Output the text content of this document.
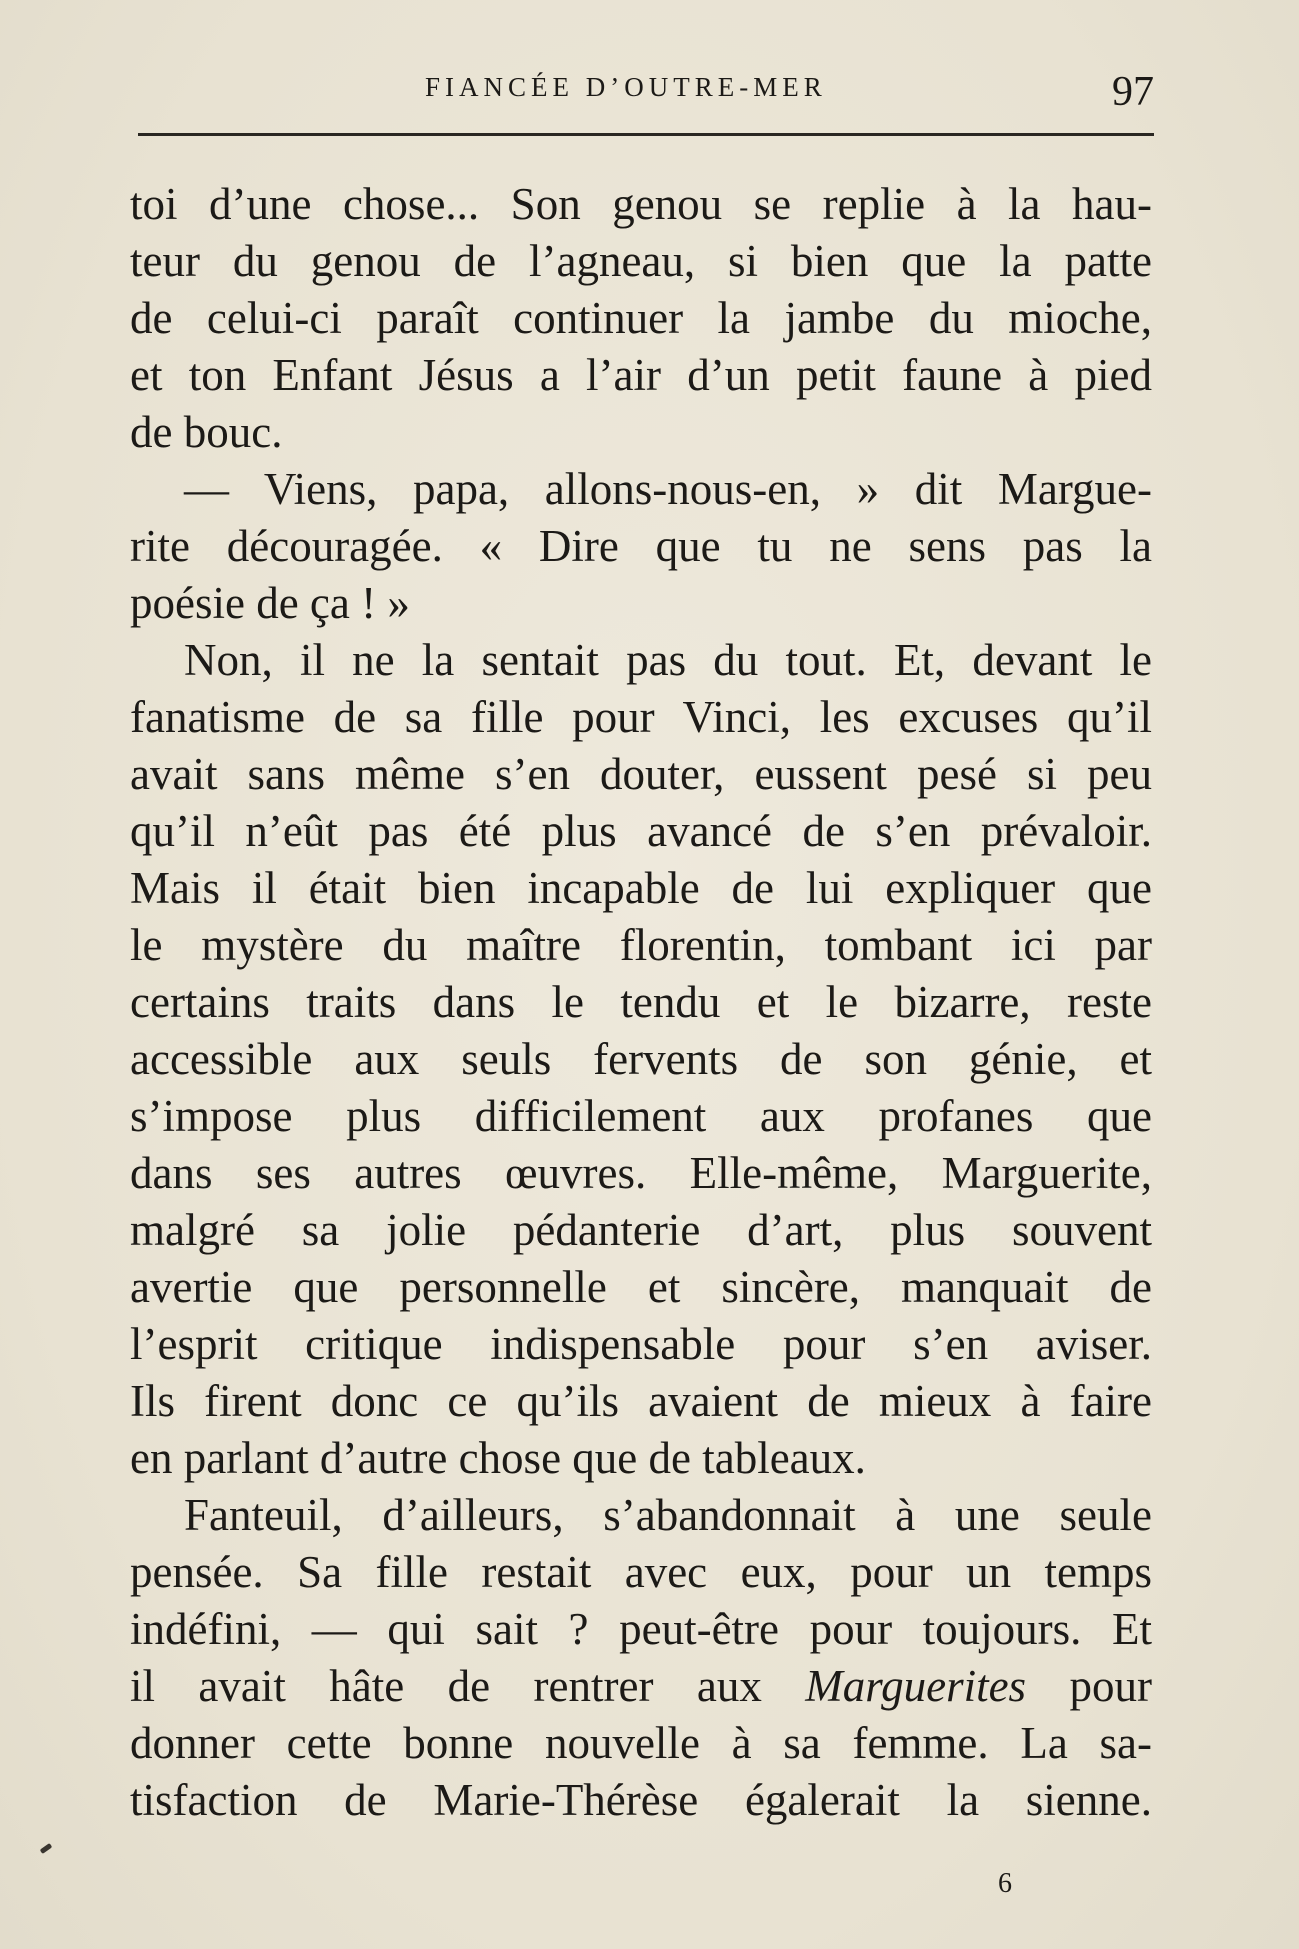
FIANCÉE D’OUTRE-MER	97
toi d’une chose... Son genou se replie à la hau-
teur du genou de l’agneau, si bien que la patte
de celui-ci paraît continuer la jambe du mioche,
et ton Enfant Jésus a l’air d’un petit faune à pied
de bouc.
— Viens, papa, allons-nous-en, » dit Margue-
rite découragée. « Dire que tu ne sens pas la
poésie de ça ! »
Non, il ne la sentait pas du tout. Et, devant le
fanatisme de sa fille pour Vinci, les excuses qu’il
avait sans même s’en douter, eussent pesé si peu
qu’il n’eût pas été plus avancé de s’en prévaloir.
Mais il était bien incapable de lui expliquer que
le mystère du maître florentin, tombant ici par
certains traits dans le tendu et le bizarre, reste
accessible aux seuls fervents de son génie, et
s’impose plus difficilement aux profanes que
dans ses autres œuvres. Elle-même, Marguerite,
malgré sa jolie pédanterie d’art, plus souvent
avertie que personnelle et sincère, manquait de
l’esprit critique indispensable pour s’en aviser.
Ils firent donc ce qu’ils avaient de mieux à faire
en parlant d’autre chose que de tableaux.
Fanteuil, d’ailleurs, s’abandonnait à une seule
pensée. Sa fille restait avec eux, pour un temps
indéfini, — qui sait ? peut-être pour toujours. Et
il avait hâte de rentrer aux Marguerites pour
donner cette bonne nouvelle à sa femme. La sa-
tisfaction de Marie-Thérèse égalerait la sienne.
6
